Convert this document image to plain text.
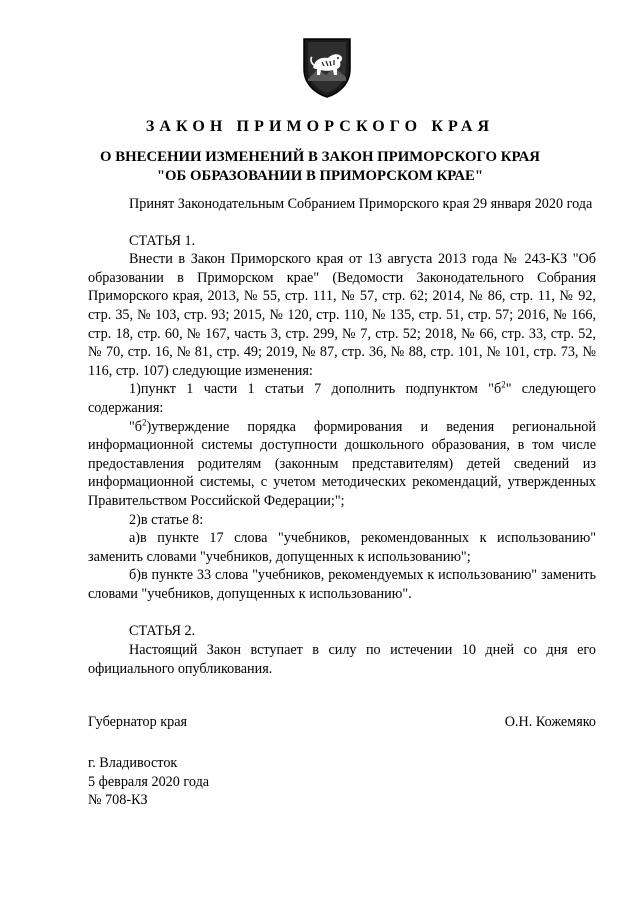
ЗАКОН ПРИМОРСКОГО КРАЯ
О ВНЕСЕНИИ ИЗМЕНЕНИЙ В ЗАКОН ПРИМОРСКОГО КРАЯ
"ОБ ОБРАЗОВАНИИ В ПРИМОРСКОМ КРАЕ"

Принят Законодательным Собранием Приморского края 29 января 2020 года

СТАТЬЯ 1.

Внести в Закон Приморского края от 13 августа 2013 года № 243-КЗ "Об образовании в Приморском крае" (Ведомости Законодательного Собрания Приморского края, 2013, № 55, стр. 111, № 57, стр. 62; 2014, № 86, стр. 11, № 92, стр. 35, № 103, стр. 93; 2015, № 120, стр. 110, № 135, стр. 51, стр. 57; 2016, № 166, стр. 18, стр. 60, № 167, часть 3, стр. 299, № 7, стр. 52; 2018, № 66, стр. 33, стр. 52, № 70, стр. 16, № 81, стр. 49; 2019, № 87, стр. 36, № 88, стр. 101, № 101, стр. 73, № 116, стр. 107) следующие изменения:

1)пункт 1 части 1 статьи 7 дополнить подпунктом "$б^2$" следующего содержания:

"$б^2)утверждение$ порядка формирования и ведения региональной информационной системы доступности дошкольного образования, в том числе предоставления родителям (законным представителям) детей сведений из информационной системы, с учетом методических рекомендаций, утвержденных Правительством Российской Федерации;";

2)в статье 8:

а)в пункте 17 слова "учебников, рекомендованных к использованию" заменить словами "учебников, допущенных к использованию";

б)в пункте 33 слова "учебников, рекомендуемых к использованию" заменить словами "учебников, допущенных к использованию".

СТАТЬЯ 2.

Настоящий Закон вступает в силу по истечении 10 дней со дня его официального опубликования.

Губернатор края	О.Н. Кожемяко
г. Владивосток
5 февраля 2020 года
№ 708-КЗ
